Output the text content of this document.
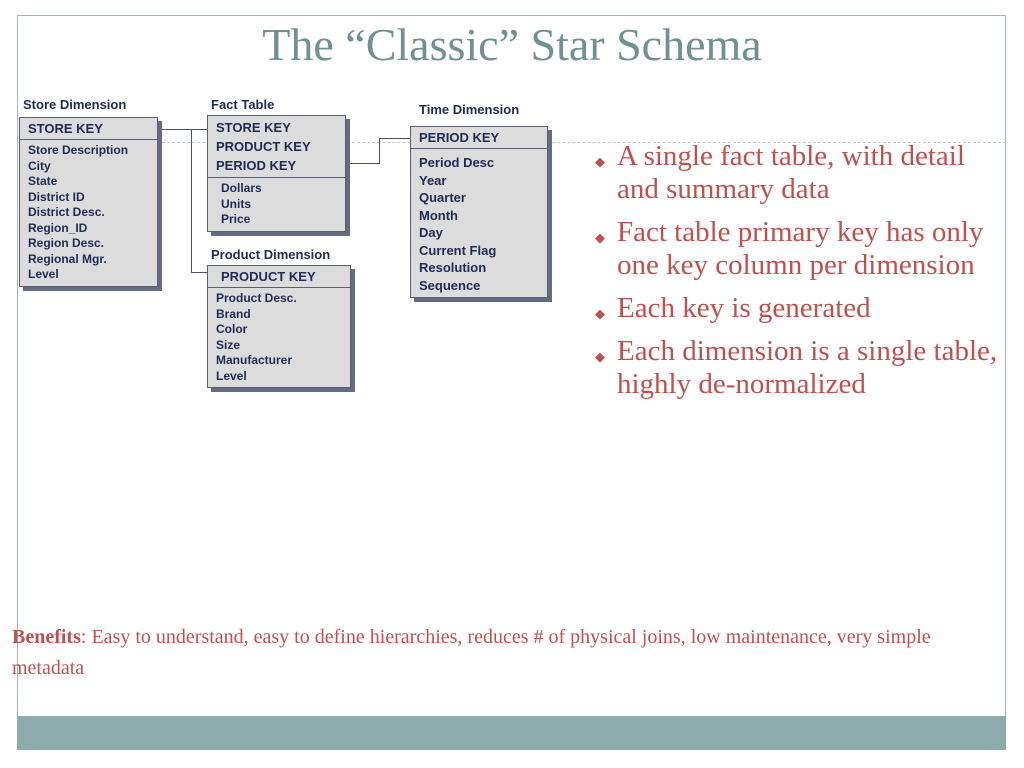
The “Classic” Star Schema
Store Dimension	Fact Table	Time Dimension
Product Dimension
STORE KEY
Store Description
City
State
District ID
District Desc.
Region_ID
Region Desc.
Regional Mgr.
Level
STORE KEY
PRODUCT KEY
PERIOD KEY
Dollars
Units
Price
PRODUCT KEY
Product Desc.
Brand
Color
Size
Manufacturer
Level
PERIOD KEY
Period Desc
Year
Quarter
Month
Day
Current Flag
Resolution
Sequence
◆ A single fact table, with detail and summary data
◆ Fact table primary key has only one key column per dimension
◆ Each key is generated
◆ Each dimension is a single table, highly de-normalized
Benefits: Easy to understand, easy to define hierarchies, reduces # of physical joins, low maintenance, very simple metadata
